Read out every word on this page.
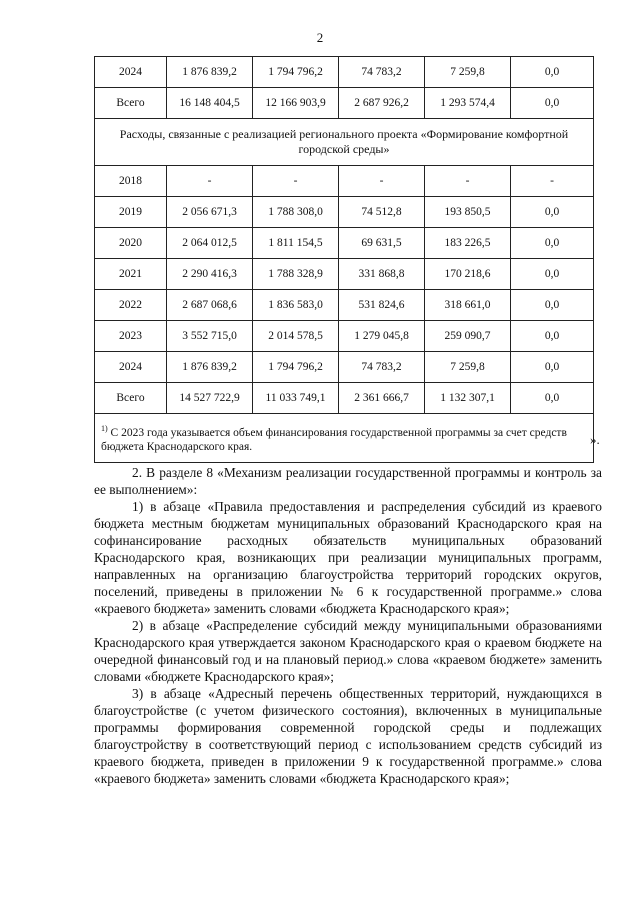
2
2024	1 876 839,2	1 794 796,2	74 783,2	7 259,8	0,0
Всего	16 148 404,5	12 166 903,9	2 687 926,2	1 293 574,4	0,0
Расходы, связанные с реализацией регионального проекта «Формирование комфортной городской среды»					
2018	-	-	-	-	-
2019	2 056 671,3	1 788 308,0	74 512,8	193 850,5	0,0
2020	2 064 012,5	1 811 154,5	69 631,5	183 226,5	0,0
2021	2 290 416,3	1 788 328,9	331 868,8	170 218,6	0,0
2022	2 687 068,6	1 836 583,0	531 824,6	318 661,0	0,0
2023	3 552 715,0	2 014 578,5	1 279 045,8	259 090,7	0,0
2024	1 876 839,2	1 794 796,2	74 783,2	7 259,8	0,0
Всего	14 527 722,9	11 033 749,1	2 361 666,7	1 132 307,1	0,0
$^{1)}$ С 2023 года указывается объем финансирования государственной программы за счет средств бюджета Краснодарского края.					
».

2. В разделе 8 «Механизм реализации государственной программы и контроль за ее выполнением»:

1) в абзаце «Правила предоставления и распределения субсидий из краевого бюджета местным бюджетам муниципальных образований Краснодарского края на софинансирование расходных обязательств муниципальных образований Краснодарского края, возникающих при реализации муниципальных программ, направленных на организацию благоустройства территорий городских округов, поселений, приведены в приложении № 6 к государственной программе.» слова «краевого бюджета» заменить словами «бюджета Краснодарского края»;

2) в абзаце «Распределение субсидий между муниципальными образованиями Краснодарского края утверждается законом Краснодарского края о краевом бюджете на очередной финансовый год и на плановый период.» слова «краевом бюджете» заменить словами «бюджете Краснодарского края»;

3) в абзаце «Адресный перечень общественных территорий, нуждающихся в благоустройстве (с учетом физического состояния), включенных в муниципальные программы формирования современной городской среды и подлежащих благоустройству в соответствующий период с использованием средств субсидий из краевого бюджета, приведен в приложении 9 к государственной программе.» слова «краевого бюджета» заменить словами «бюджета Краснодарского края»;
